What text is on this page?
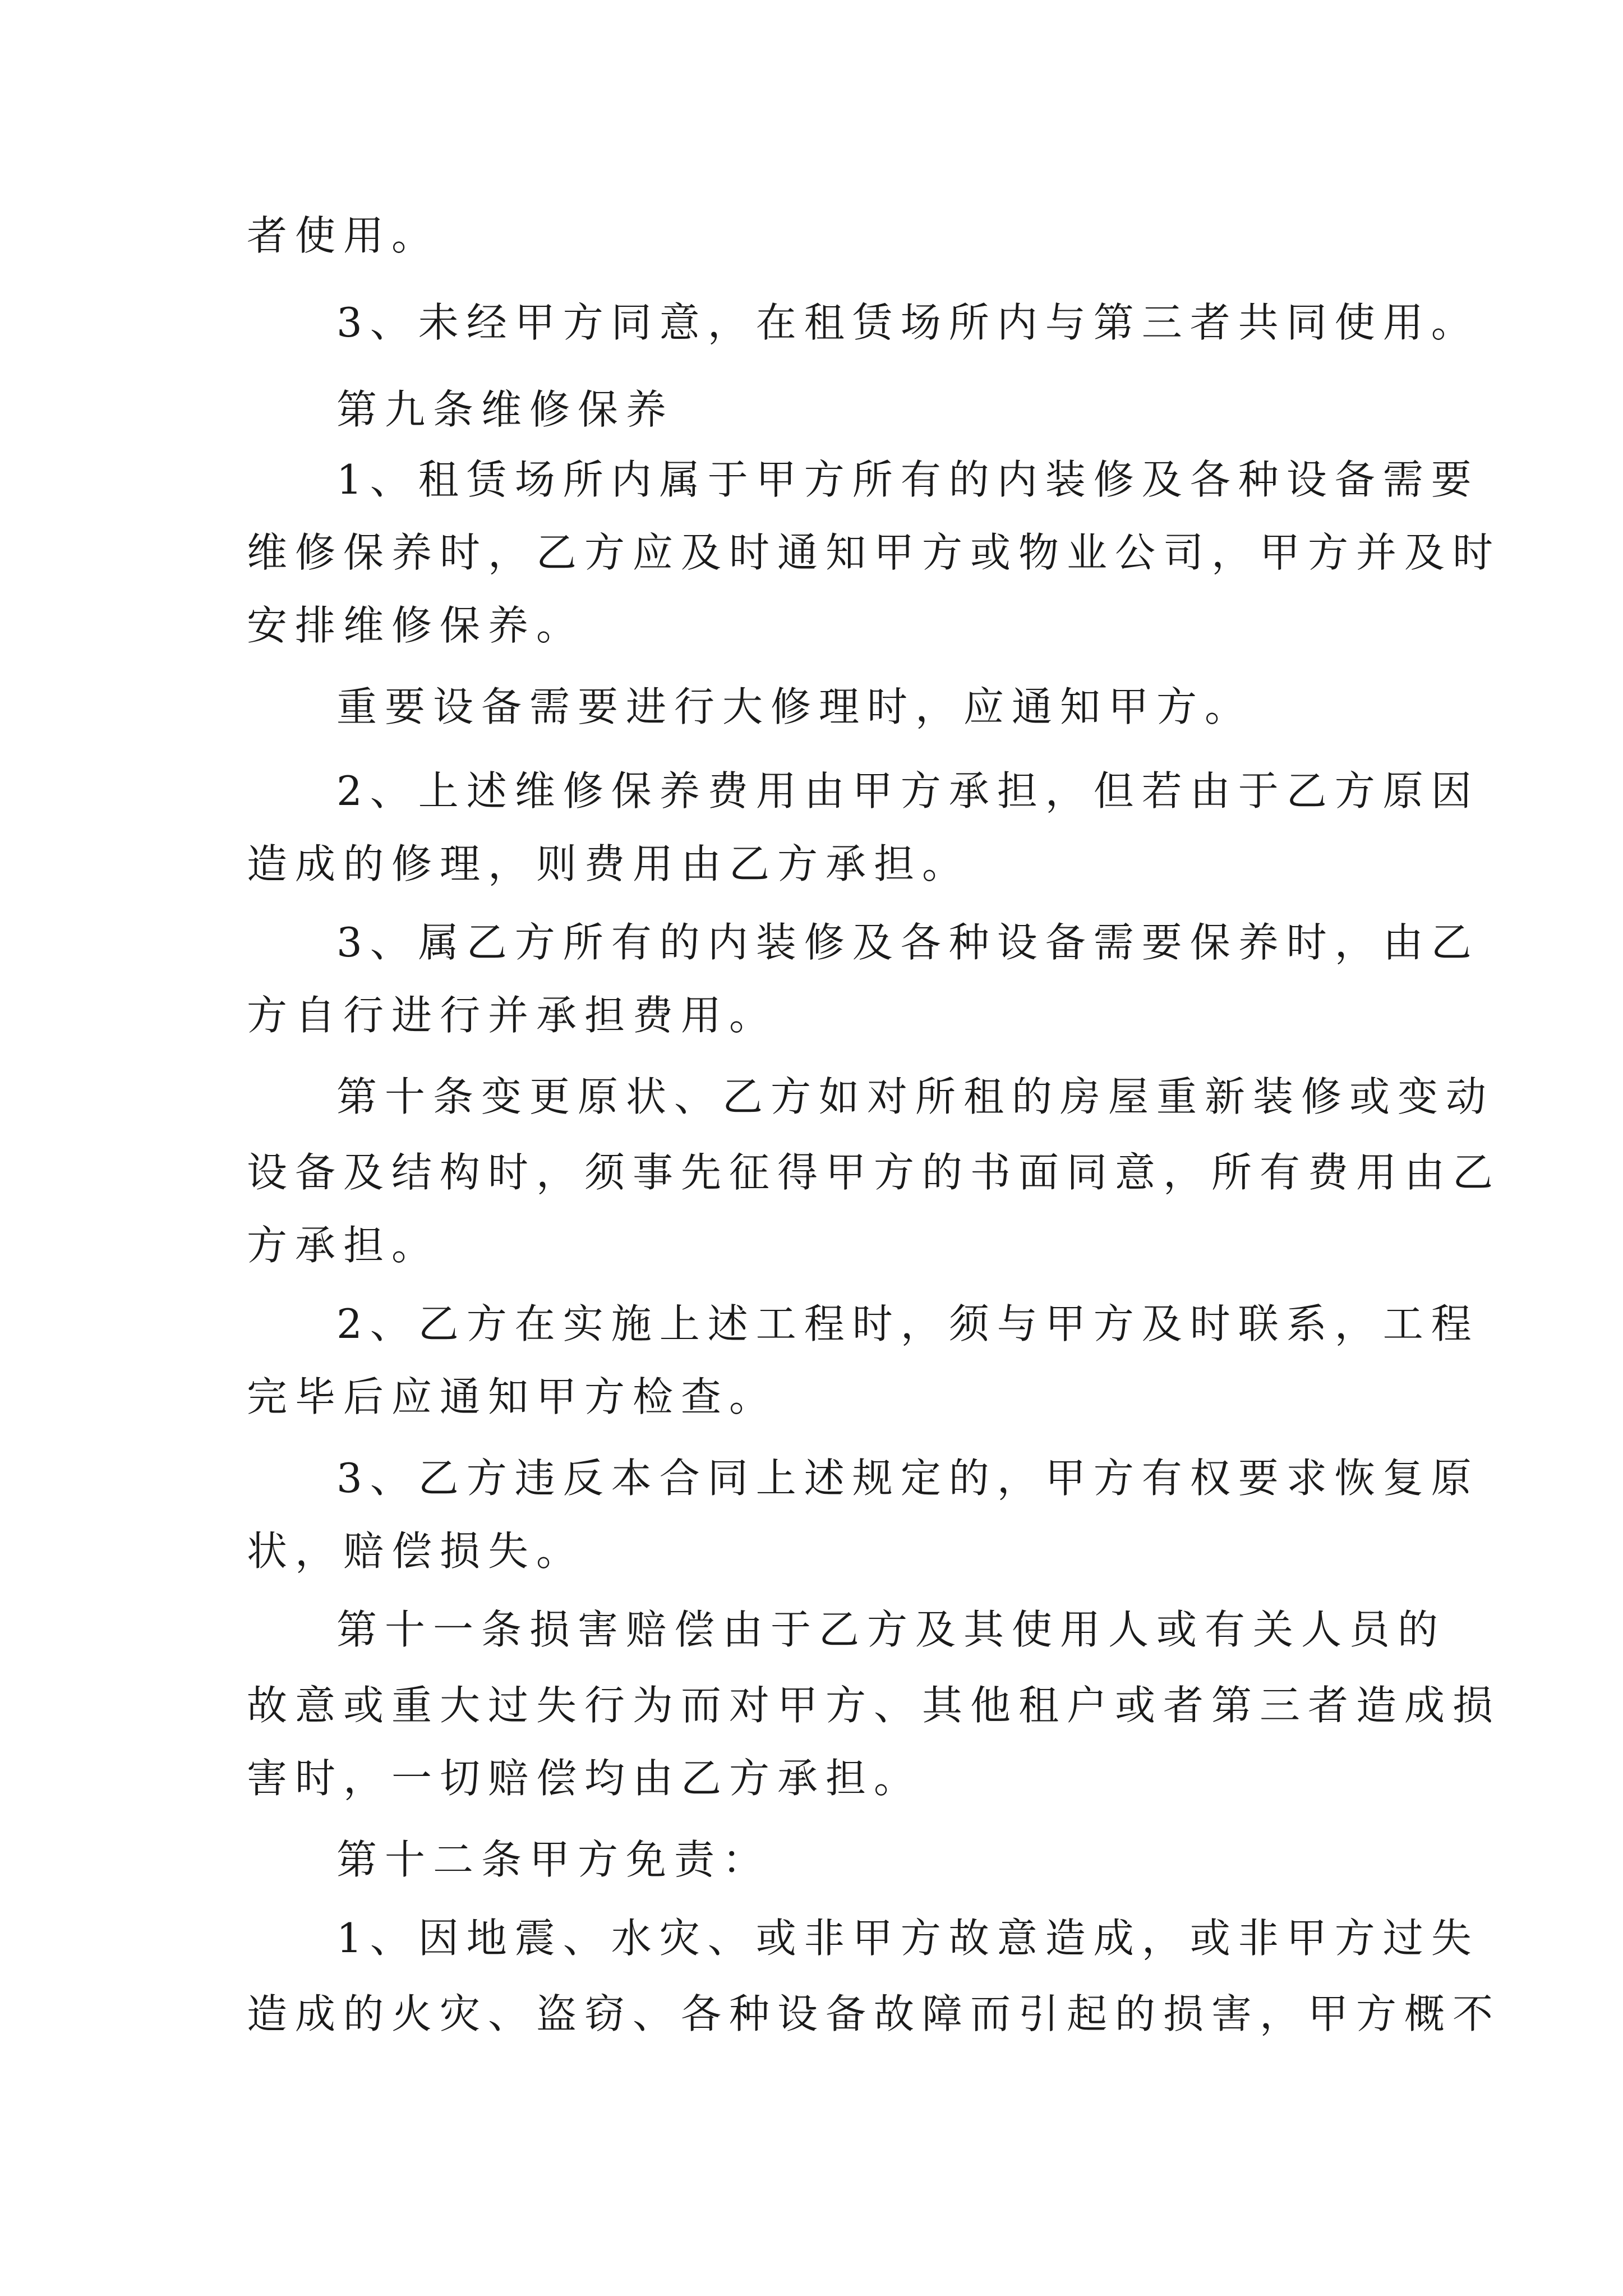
者使用。
3、未经甲方同意，在租赁场所内与第三者共同使用。
第九条维修保养
1、租赁场所内属于甲方所有的内装修及各种设备需要
维修保养时，乙方应及时通知甲方或物业公司，甲方并及时
安排维修保养。
重要设备需要进行大修理时，应通知甲方。
2、上述维修保养费用由甲方承担，但若由于乙方原因
造成的修理，则费用由乙方承担。
3、属乙方所有的内装修及各种设备需要保养时，由乙
方自行进行并承担费用。
第十条变更原状、乙方如对所租的房屋重新装修或变动
设备及结构时，须事先征得甲方的书面同意，所有费用由乙
方承担。
2、乙方在实施上述工程时，须与甲方及时联系，工程
完毕后应通知甲方检查。
3、乙方违反本合同上述规定的，甲方有权要求恢复原
状，赔偿损失。
第十一条损害赔偿由于乙方及其使用人或有关人员的
故意或重大过失行为而对甲方、其他租户或者第三者造成损
害时，一切赔偿均由乙方承担。
第十二条甲方免责：
1、因地震、水灾、或非甲方故意造成，或非甲方过失
造成的火灾、盗窃、各种设备故障而引起的损害，甲方概不
